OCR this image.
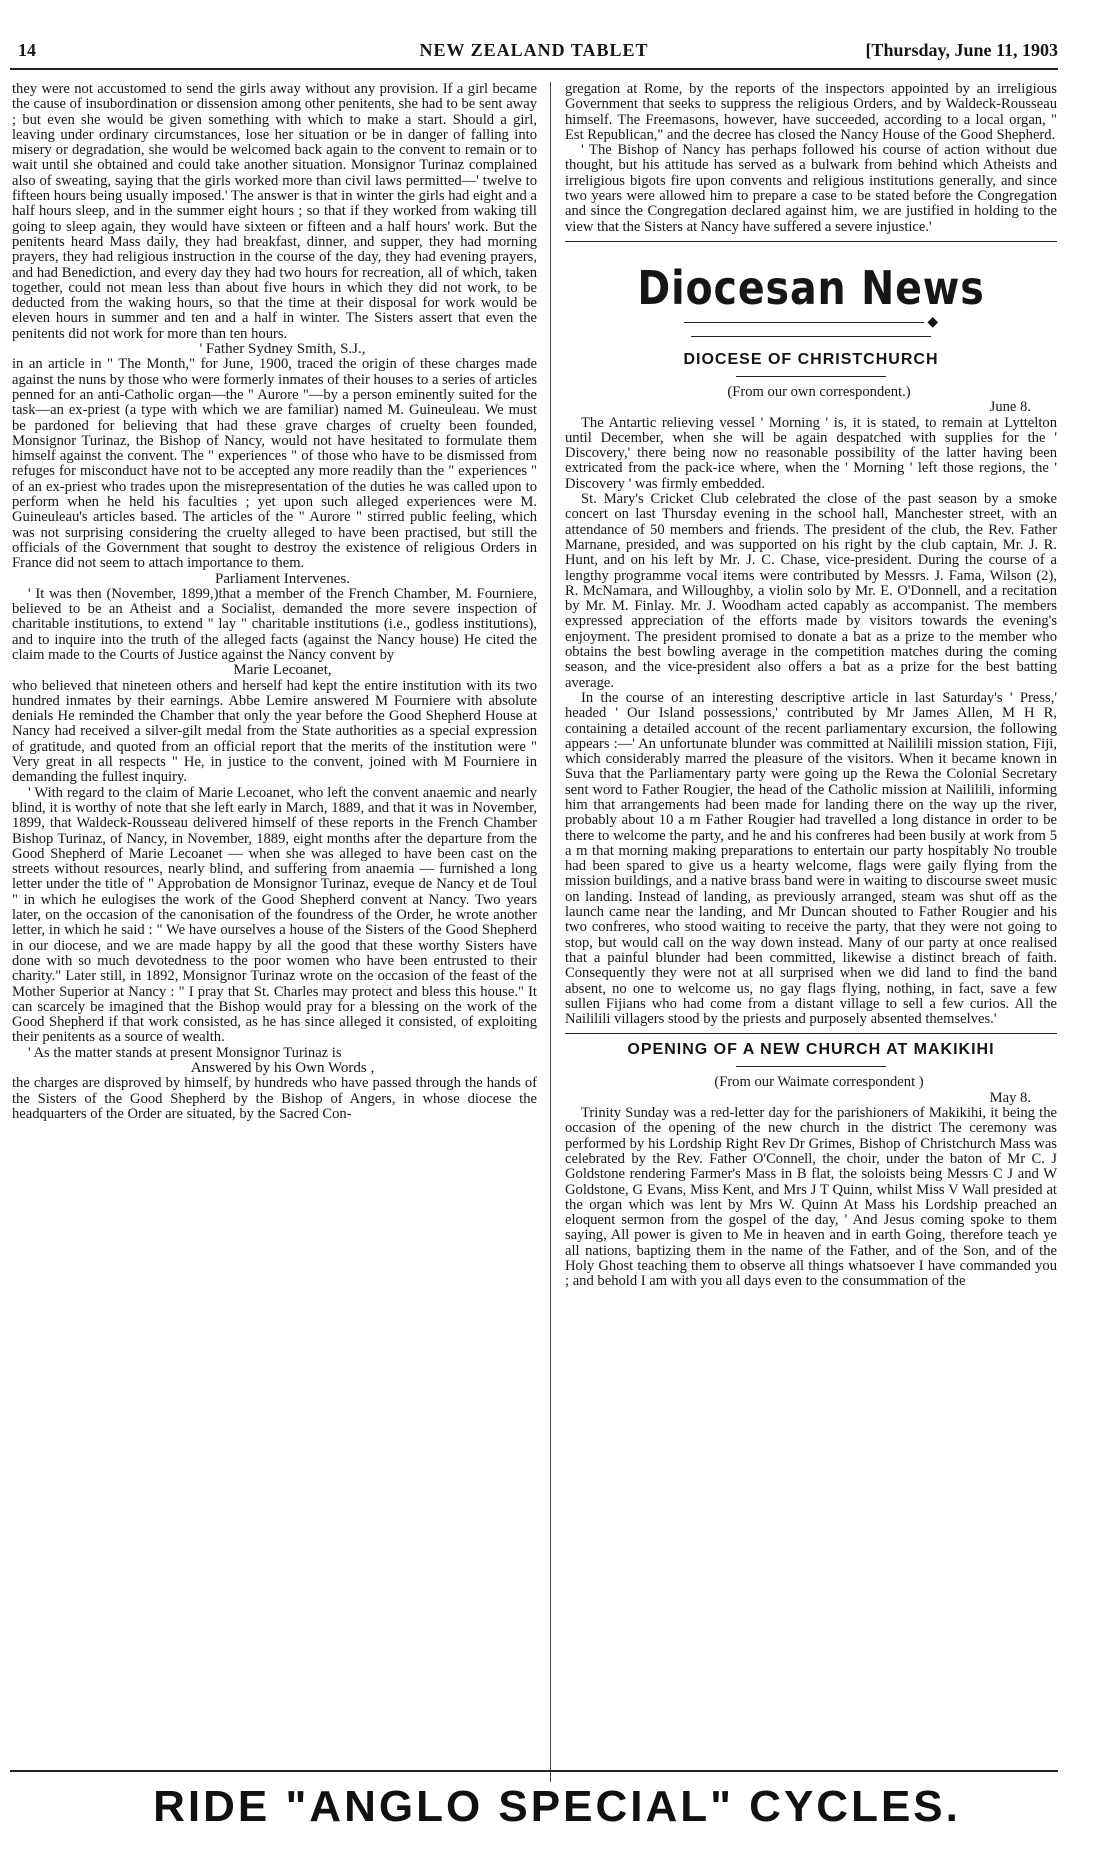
14	NEW ZEALAND TABLET	[Thursday, June 11, 1903

they were not accustomed to send the girls away without any provision. If a girl became the cause of insubordination or dissension among other penitents, she had to be sent away ; but even she would be given something with which to make a start. Should a girl, leaving under ordinary circumstances, lose her situation or be in danger of falling into misery or degradation, she would be welcomed back again to the convent to remain or to wait until she obtained and could take another situation. Monsignor Turinaz complained also of sweating, saying that the girls worked more than civil laws permitted—' twelve to fifteen hours being usually imposed.' The answer is that in winter the girls had eight and a half hours sleep, and in the summer eight hours ; so that if they worked from waking till going to sleep again, they would have sixteen or fifteen and a half hours' work. But the penitents heard Mass daily, they had breakfast, dinner, and supper, they had morning prayers, they had religious instruction in the course of the day, they had evening prayers, and had Benediction, and every day they had two hours for recreation, all of which, taken together, could not mean less than about five hours in which they did not work, to be deducted from the waking hours, so that the time at their disposal for work would be eleven hours in summer and ten and a half in winter. The Sisters assert that even the penitents did not work for more than ten hours.

' Father Sydney Smith, S.J.,

in an article in " The Month," for June, 1900, traced the origin of these charges made against the nuns by those who were formerly inmates of their houses to a series of articles penned for an anti-Catholic organ—the " Aurore "—by a person eminently suited for the task—an ex-priest (a type with which we are familiar) named M. Guineuleau. We must be pardoned for believing that had these grave charges of cruelty been founded, Monsignor Turinaz, the Bishop of Nancy, would not have hesitated to formulate them himself against the convent. The " experiences " of those who have to be dismissed from refuges for misconduct have not to be accepted any more readily than the " experiences " of an ex-priest who trades upon the misrepresentation of the duties he was called upon to perform when he held his faculties ; yet upon such alleged experiences were M. Guineuleau's articles based. The articles of the " Aurore " stirred public feeling, which was not surprising considering the cruelty alleged to have been practised, but still the officials of the Government that sought to destroy the existence of religious Orders in France did not seem to attach importance to them.

Parliament Intervenes.

' It was then (November, 1899,)that a member of the French Chamber, M. Fourniere, believed to be an Atheist and a Socialist, demanded the more severe inspection of charitable institutions, to extend " lay " charitable institutions (i.e., godless institutions), and to inquire into the truth of the alleged facts (against the Nancy house) He cited the claim made to the Courts of Justice against the Nancy convent by

Marie Lecoanet,

who believed that nineteen others and herself had kept the entire institution with its two hundred inmates by their earnings. Abbe Lemire answered M Fourniere with absolute denials He reminded the Chamber that only the year before the Good Shepherd House at Nancy had received a silver-gilt medal from the State authorities as a special expression of gratitude, and quoted from an official report that the merits of the institution were " Very great in all respects " He, in justice to the convent, joined with M Fourniere in demanding the fullest inquiry.

' With regard to the claim of Marie Lecoanet, who left the convent anaemic and nearly blind, it is worthy of note that she left early in March, 1889, and that it was in November, 1899, that Waldeck-Rousseau delivered himself of these reports in the French Chamber Bishop Turinaz, of Nancy, in November, 1889, eight months after the departure from the Good Shepherd of Marie Lecoanet — when she was alleged to have been cast on the streets without resources, nearly blind, and suffering from anaemia — furnished a long letter under the title of " Approbation de Monsignor Turinaz, eveque de Nancy et de Toul " in which he eulogises the work of the Good Shepherd convent at Nancy. Two years later, on the occasion of the canonisation of the foundress of the Order, he wrote another letter, in which he said : " We have ourselves a house of the Sisters of the Good Shepherd in our diocese, and we are made happy by all the good that these worthy Sisters have done with so much devotedness to the poor women who have been entrusted to their charity." Later still, in 1892, Monsignor Turinaz wrote on the occasion of the feast of the Mother Superior at Nancy : " I pray that St. Charles may protect and bless this house." It can scarcely be imagined that the Bishop would pray for a blessing on the work of the Good Shepherd if that work consisted, as he has since alleged it consisted, of exploiting their penitents as a source of wealth.

' As the matter stands at present Monsignor Turinaz is

Answered by his Own Words ,

the charges are disproved by himself, by hundreds who have passed through the hands of the Sisters of the Good Shepherd by the Bishop of Angers, in whose diocese the headquarters of the Order are situated, by the Sacred Con-

gregation at Rome, by the reports of the inspectors appointed by an irreligious Government that seeks to suppress the religious Orders, and by Waldeck-Rousseau himself. The Freemasons, however, have succeeded, according to a local organ, " Est Republican," and the decree has closed the Nancy House of the Good Shepherd.

' The Bishop of Nancy has perhaps followed his course of action without due thought, but his attitude has served as a bulwark from behind which Atheists and irreligious bigots fire upon convents and religious institutions generally, and since two years were allowed him to prepare a case to be stated before the Congregation and since the Congregation declared against him, we are justified in holding to the view that the Sisters at Nancy have suffered a severe injustice.'

Diocesan News
◆
DIOCESE OF CHRISTCHURCH

(From our own correspondent.)

June 8.

The Antartic relieving vessel ' Morning ' is, it is stated, to remain at Lyttelton until December, when she will be again despatched with supplies for the ' Discovery,' there being now no reasonable possibility of the latter having been extricated from the pack-ice where, when the ' Morning ' left those regions, the ' Discovery ' was firmly embedded.

St. Mary's Cricket Club celebrated the close of the past season by a smoke concert on last Thursday evening in the school hall, Manchester street, with an attendance of 50 members and friends. The president of the club, the Rev. Father Marnane, presided, and was supported on his right by the club captain, Mr. J. R. Hunt, and on his left by Mr. J. C. Chase, vice-president. During the course of a lengthy programme vocal items were contributed by Messrs. J. Fama, Wilson (2), R. McNamara, and Willoughby, a violin solo by Mr. E. O'Donnell, and a recitation by Mr. M. Finlay. Mr. J. Woodham acted capably as accompanist. The members expressed appreciation of the efforts made by visitors towards the evening's enjoyment. The president promised to donate a bat as a prize to the member who obtains the best bowling average in the competition matches during the coming season, and the vice-president also offers a bat as a prize for the best batting average.

In the course of an interesting descriptive article in last Saturday's ' Press,' headed ' Our Island possessions,' contributed by Mr James Allen, M H R, containing a detailed account of the recent parliamentary excursion, the following appears :—' An unfortunate blunder was committed at Naililili mission station, Fiji, which considerably marred the pleasure of the visitors. When it became known in Suva that the Parliamentary party were going up the Rewa the Colonial Secretary sent word to Father Rougier, the head of the Catholic mission at Naililili, informing him that arrangements had been made for landing there on the way up the river, probably about 10 a m Father Rougier had travelled a long distance in order to be there to welcome the party, and he and his confreres had been busily at work from 5 a m that morning making preparations to entertain our party hospitably No trouble had been spared to give us a hearty welcome, flags were gaily flying from the mission buildings, and a native brass band were in waiting to discourse sweet music on landing. Instead of landing, as previously arranged, steam was shut off as the launch came near the landing, and Mr Duncan shouted to Father Rougier and his two confreres, who stood waiting to receive the party, that they were not going to stop, but would call on the way down instead. Many of our party at once realised that a painful blunder had been committed, likewise a distinct breach of faith. Consequently they were not at all surprised when we did land to find the band absent, no one to welcome us, no gay flags flying, nothing, in fact, save a few sullen Fijians who had come from a distant village to sell a few curios. All the Naililili villagers stood by the priests and purposely absented themselves.'

OPENING OF A NEW CHURCH AT MAKIKIHI

(From our Waimate correspondent )

May 8.

Trinity Sunday was a red-letter day for the parishioners of Makikihi, it being the occasion of the opening of the new church in the district The ceremony was performed by his Lordship Right Rev Dr Grimes, Bishop of Christchurch Mass was celebrated by the Rev. Father O'Connell, the choir, under the baton of Mr C. J Goldstone rendering Farmer's Mass in B flat, the soloists being Messrs C J and W Goldstone, G Evans, Miss Kent, and Mrs J T Quinn, whilst Miss V Wall presided at the organ which was lent by Mrs W. Quinn At Mass his Lordship preached an eloquent sermon from the gospel of the day, ' And Jesus coming spoke to them saying, All power is given to Me in heaven and in earth Going, therefore teach ye all nations, baptizing them in the name of the Father, and of the Son, and of the Holy Ghost teaching them to observe all things whatsoever I have commanded you ; and behold I am with you all days even to the consummation of the

RIDE "ANGLO SPECIAL" CYCLES.
